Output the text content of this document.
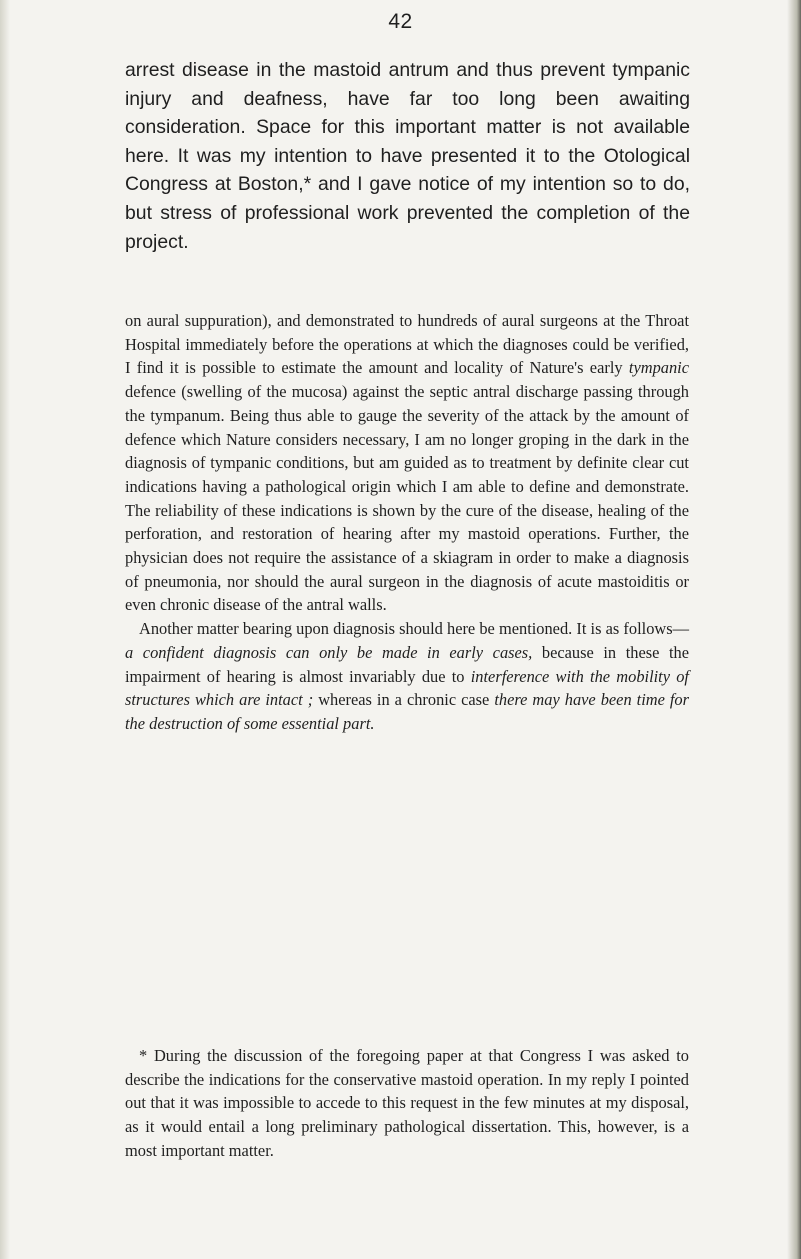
42

arrest disease in the mastoid antrum and thus prevent tympanic injury and deafness, have far too long been awaiting consideration. Space for this important matter is not available here. It was my intention to have presented it to the Otological Congress at Boston,* and I gave notice of my intention so to do, but stress of professional work prevented the completion of the project.

on aural suppuration), and demonstrated to hundreds of aural surgeons at the Throat Hospital immediately before the operations at which the diagnoses could be verified, I find it is possible to estimate the amount and locality of Nature's early tympanic defence (swelling of the mucosa) against the septic antral discharge passing through the tympanum. Being thus able to gauge the severity of the attack by the amount of defence which Nature considers necessary, I am no longer groping in the dark in the diagnosis of tympanic conditions, but am guided as to treatment by definite clear cut indications having a pathological origin which I am able to define and demonstrate. The reliability of these indications is shown by the cure of the disease, healing of the perforation, and restoration of hearing after my mastoid operations. Further, the physician does not require the assistance of a skiagram in order to make a diagnosis of pneumonia, nor should the aural surgeon in the diagnosis of acute mastoiditis or even chronic disease of the antral walls.

Another matter bearing upon diagnosis should here be mentioned. It is as follows—a confident diagnosis can only be made in early cases, because in these the impairment of hearing is almost invariably due to interference with the mobility of structures which are intact ; whereas in a chronic case there may have been time for the destruction of some essential part.

* During the discussion of the foregoing paper at that Congress I was asked to describe the indications for the conservative mastoid operation. In my reply I pointed out that it was impossible to accede to this request in the few minutes at my disposal, as it would entail a long preliminary pathological dissertation. This, however, is a most important matter.
